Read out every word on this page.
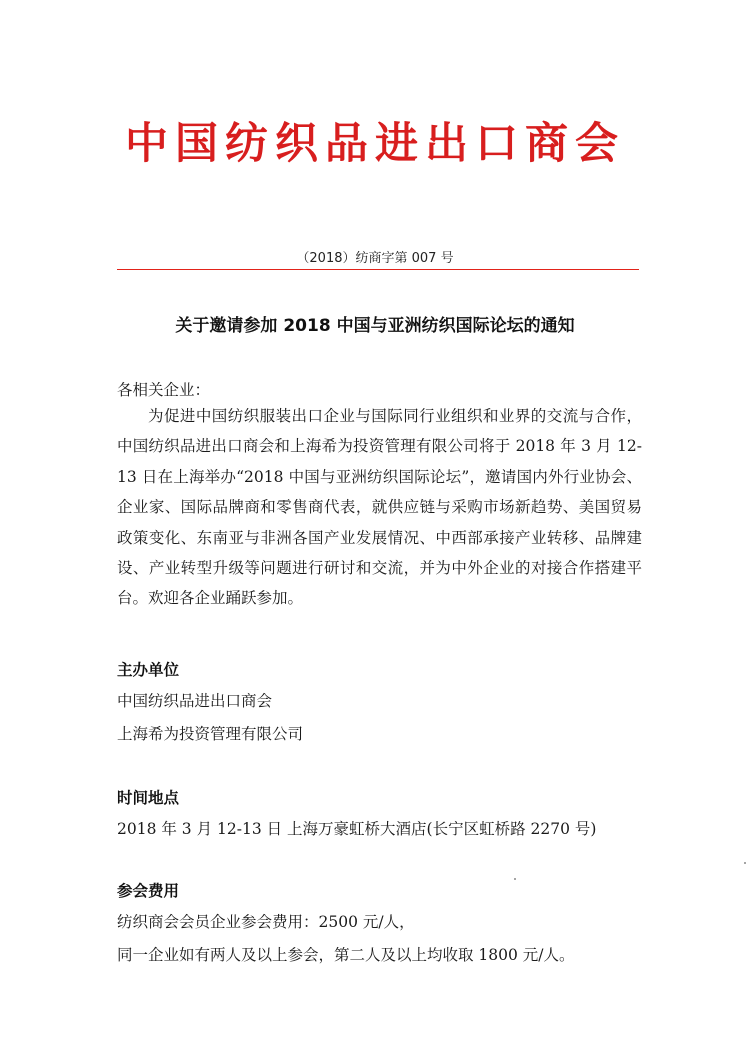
中国纺织品进出口商会
（2018）纺商字第 007 号
关于邀请参加 2018 中国与亚洲纺织国际论坛的通知
各相关企业：
为促进中国纺织服装出口企业与国际同行业组织和业界的交流与合作，中国纺织品进出口商会和上海希为投资管理有限公司将于 2018 年 3 月 12-13 日在上海举办“2018 中国与亚洲纺织国际论坛”，邀请国内外行业协会、企业家、国际品牌商和零售商代表，就供应链与采购市场新趋势、美国贸易政策变化、东南亚与非洲各国产业发展情况、中西部承接产业转移、品牌建设、产业转型升级等问题进行研讨和交流，并为中外企业的对接合作搭建平台。欢迎各企业踊跃参加。
主办单位
中国纺织品进出口商会
上海希为投资管理有限公司
时间地点
2018 年 3 月 12-13 日 上海万豪虹桥大酒店(长宁区虹桥路 2270 号)
参会费用
纺织商会会员企业参会费用：2500 元/人，
同一企业如有两人及以上参会，第二人及以上均收取 1800 元/人。
